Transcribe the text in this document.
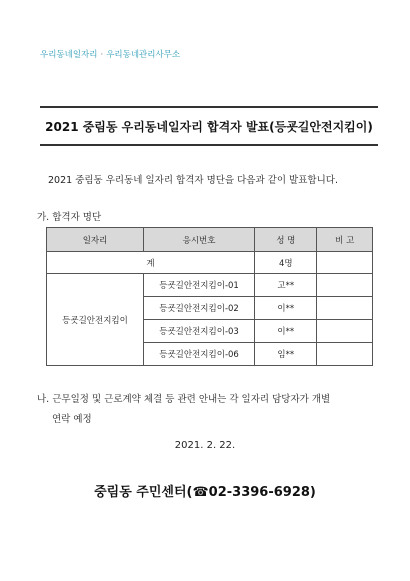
우리동네일자리 · 우리동네관리사무소
2021 중림동 우리동네일자리 합격자 발표(등굣길안전지킴이)
2021 중림동 우리동네 일자리 합격자 명단을 다음과 같이 발표합니다.
가. 합격자 명단
일자리	응시번호	성 명	비 고
계		4명	
등굣길안전지킴이	등굣길안전지킴이-01	고**	
	등굣길안전지킴이-02	이**	
	등굣길안전지킴이-03	이**	
	등굣길안전지킴이-06	임**	
나. 근무일정 및 근로계약 체결 등 관련 안내는 각 일자리 담당자가 개별
연락 예정
2021. 2. 22.
중림동 주민센터(☎02-3396-6928)
